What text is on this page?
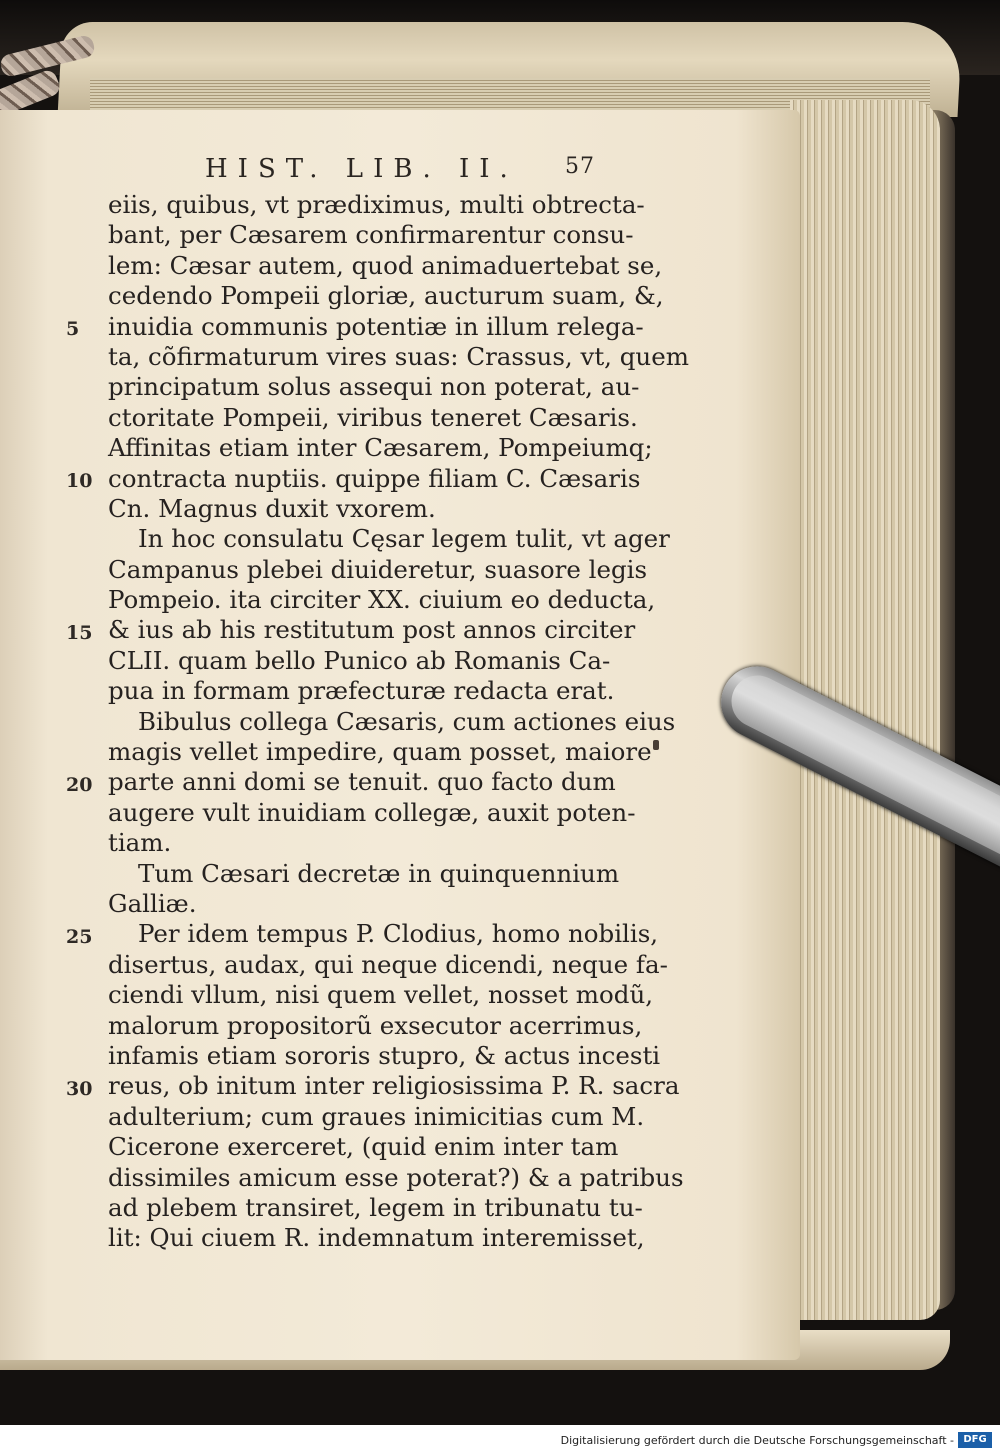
HIST. LIB. II. 57
eiis, quibus, vt prædiximus, multi obtrecta-
bant, per Cæsarem confirmarentur consu-
lem: Cæsar autem, quod animaduertebat se,
cedendo Pompeii gloriæ, aucturum suam, &,
inuidia communis potentiæ in illum relega-
ta, cõfirmaturum vires suas: Crassus, vt, quem
principatum solus assequi non poterat, au-
ctoritate Pompeii, viribus teneret Cæsaris.
Affinitas etiam inter Cæsarem, Pompeiumq;
contracta nuptiis. quippe filiam C. Cæsaris
Cn. Magnus duxit vxorem.
In hoc consulatu Cęsar legem tulit, vt ager
Campanus plebei diuideretur, suasore legis
Pompeio. ita circiter XX. ciuium eo deducta,
& ius ab his restitutum post annos circiter
CLII. quam bello Punico ab Romanis Ca-
pua in formam præfecturæ redacta erat.
Bibulus collega Cæsaris, cum actiones eius
magis vellet impedire, quam posset, maiore
parte anni domi se tenuit. quo facto dum
augere vult inuidiam collegæ, auxit poten-
tiam.
Tum Cæsari decretæ in quinquennium
Galliæ.
Per idem tempus P. Clodius, homo nobilis,
disertus, audax, qui neque dicendi, neque fa-
ciendi vllum, nisi quem vellet, nosset modũ,
malorum propositorũ exsecutor acerrimus,
infamis etiam sororis stupro, & actus incesti
reus, ob initum inter religiosissima P. R. sacra
adulterium; cum graues inimicitias cum M.
Cicerone exerceret, (quid enim inter tam
dissimiles amicum esse poterat?) & a patribus
ad plebem transiret, legem in tribunatu tu-
lit: Qui ciuem R. indemnatum interemisset,
5
10
15
20
25
30
Digitalisierung gefördert durch die Deutsche Forschungsgemeinschaft - DFG
